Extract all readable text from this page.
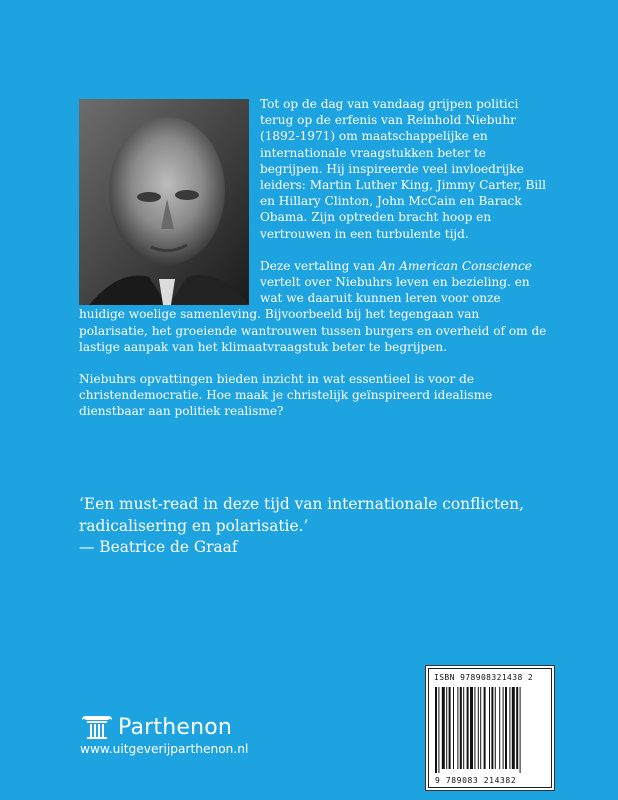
Tot op de dag van vandaag grijpen politici terug op de erfenis van Reinhold Niebuhr (1892-1971) om maatschappelijke en internationale vraagstukken beter te begrijpen. Hij inspireerde veel invloedrijke leiders: Martin Luther King, Jimmy Carter, Bill en Hillary Clinton, John McCain en Barack Obama. Zijn optreden bracht hoop en vertrouwen in een turbulente tijd.

Deze vertaling van An American Conscience vertelt over Niebuhrs leven en bezieling. en wat we daaruit kunnen leren voor onze huidige woelige samenleving. Bijvoorbeeld bij het tegengaan van polarisatie, het groeiende wantrouwen tussen burgers en overheid of om de lastige aanpak van het klimaatvraagstuk beter te begrijpen.

Niebuhrs opvattingen bieden inzicht in wat essentieel is voor de christendemocratie. Hoe maak je christelijk geïnspireerd idealisme dienstbaar aan politiek realisme?

‘Een must-read in deze tijd van internationale conflicten,
radicalisering en polarisatie.’
— Beatrice de Graaf
Parthenon
www.uitgeverijparthenon.nl
ISBN 978908321438 2
9 789083 214382
